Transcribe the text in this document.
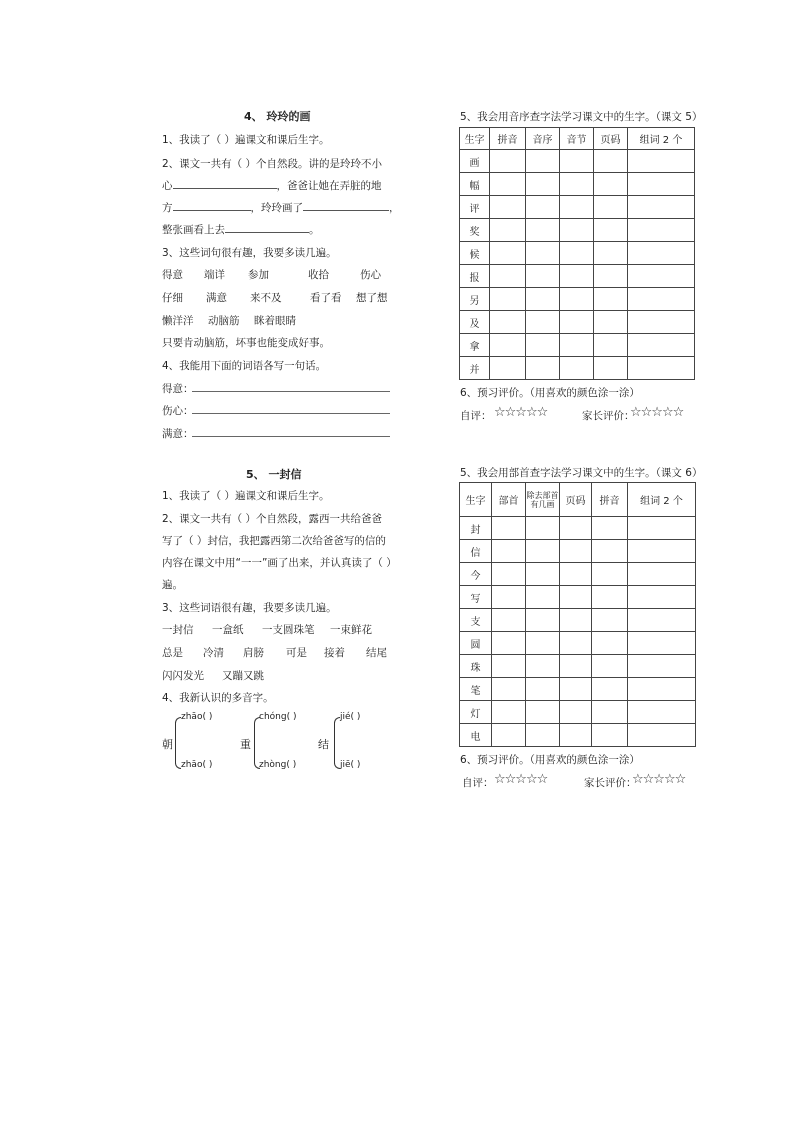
4、 玲玲的画
1、我读了（ ）遍课文和课后生字。
2、课文一共有（ ）个自然段。讲的是玲玲不小
心	，爸爸让她在弄脏的地
方	，玲玲画了	，
整张画看上去	。
3、这些词句很有趣，我要多读几遍。
得意 端详 参加	收拾	伤心
仔细 满意 来不及	看了看 想了想
懒洋洋 动脑筋 眯着眼睛
只要肯动脑筋，坏事也能变成好事。
4、我能用下面的词语各写一句话。
得意：
伤心：
满意：
5、我会用音序查字法学习课文中的生字。（课文 5）
生字	拼音	音序	音节	页码	组词 2 个
画					
幅					
评					
奖					
候					
报					
另					
及					
拿					
并					
6、预习评价。（用喜欢的颜色涂一涂）
自评： ☆☆☆☆☆	家长评价：
☆☆☆☆☆
5、 一封信
1、我读了（ ）遍课文和课后生字。
2、课文一共有（ ）个自然段，露西一共给爸爸
写了（ ）封信，我把露西第二次给爸爸写的信的
内容在课文中用“一一”画了出来，并认真读了（ ）
遍。
3、这些词语很有趣，我要多读几遍。
一封信 一盒纸 一支圆珠笔 一束鲜花
总是 冷清 肩膀 可是 接着 结尾
闪闪发光 又蹦又跳
4、我新认识的多音字。
朝
zhāo( )
zhāo( )
重
chóng( )
zhòng( )
结
jié( )
jiē( )
5、我会用部首查字法学习课文中的生字。（课文 6）
生字	部首	除去部首有几画	页码	拼音	组词 2 个
封					
信					
今					
写					
支					
圆					
珠					
笔					
灯					
电					
6、预习评价。（用喜欢的颜色涂一涂）
自评： ☆☆☆☆☆	家长评价：
☆☆☆☆☆
